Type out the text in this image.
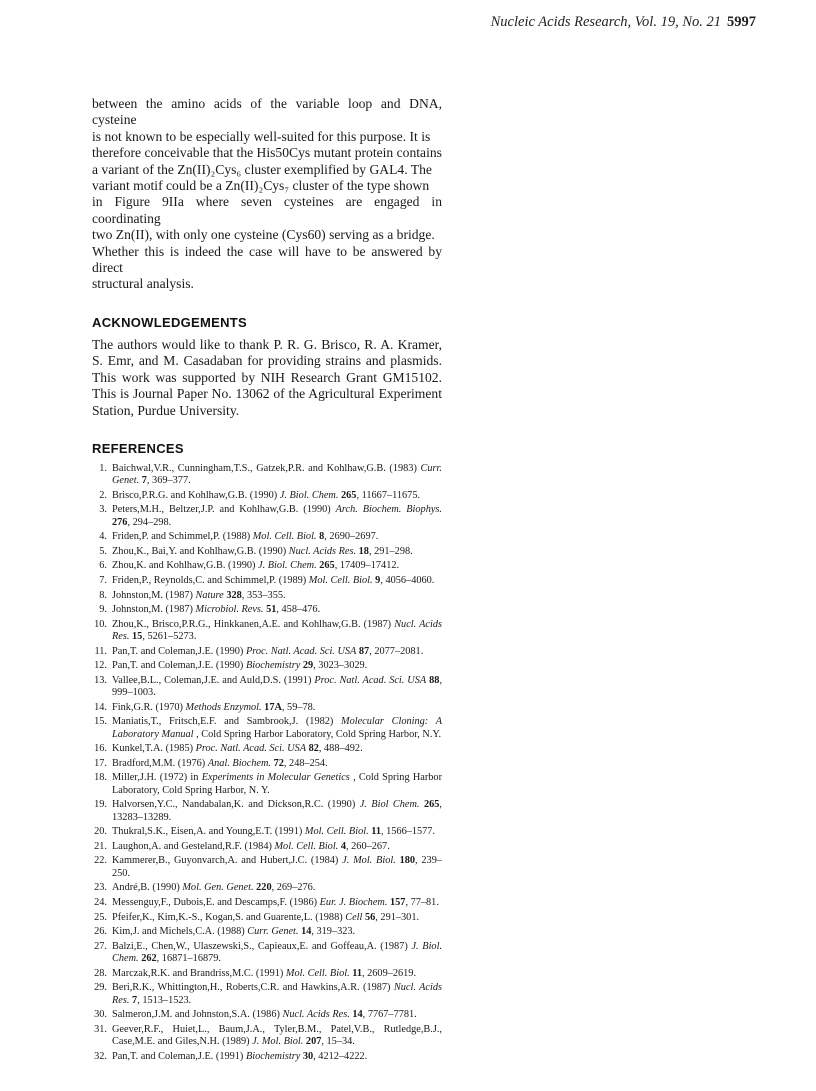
Nucleic Acids Research, Vol. 19, No. 21 5997
between the amino acids of the variable loop and DNA, cysteine
is not known to be especially well-suited for this purpose. It is
therefore conceivable that the His50Cys mutant protein contains
a variant of the Zn(II)₂Cys₆ cluster exemplified by GAL4. The
variant motif could be a Zn(II)₂Cys₇ cluster of the type shown
in Figure 9IIa where seven cysteines are engaged in coordinating
two Zn(II), with only one cysteine (Cys60) serving as a bridge.
Whether this is indeed the case will have to be answered by direct
structural analysis.
ACKNOWLEDGEMENTS

The authors would like to thank P. R. G. Brisco, R. A. Kramer, S. Emr, and M. Casadaban for providing strains and plasmids. This work was supported by NIH Research Grant GM15102. This is Journal Paper No. 13062 of the Agricultural Experiment Station, Purdue University.

REFERENCES
1. Baichwal,V.R., Cunningham,T.S., Gatzek,P.R. and Kohlhaw,G.B. (1983) Curr. Genet. 7, 369–377.
2. Brisco,P.R.G. and Kohlhaw,G.B. (1990) J. Biol. Chem. 265, 11667–11675.
3. Peters,M.H., Beltzer,J.P. and Kohlhaw,G.B. (1990) Arch. Biochem. Biophys. 276, 294–298.
4. Friden,P. and Schimmel,P. (1988) Mol. Cell. Biol. 8, 2690–2697.
5. Zhou,K., Bai,Y. and Kohlhaw,G.B. (1990) Nucl. Acids Res. 18, 291–298.
6. Zhou,K. and Kohlhaw,G.B. (1990) J. Biol. Chem. 265, 17409–17412.
7. Friden,P., Reynolds,C. and Schimmel,P. (1989) Mol. Cell. Biol. 9, 4056–4060.
8. Johnston,M. (1987) Nature 328, 353–355.
9. Johnston,M. (1987) Microbiol. Revs. 51, 458–476.
10. Zhou,K., Brisco,P.R.G., Hinkkanen,A.E. and Kohlhaw,G.B. (1987) Nucl. Acids Res. 15, 5261–5273.
11. Pan,T. and Coleman,J.E. (1990) Proc. Natl. Acad. Sci. USA 87, 2077–2081.
12. Pan,T. and Coleman,J.E. (1990) Biochemistry 29, 3023–3029.
13. Vallee,B.L., Coleman,J.E. and Auld,D.S. (1991) Proc. Natl. Acad. Sci. USA 88, 999–1003.
14. Fink,G.R. (1970) Methods Enzymol. 17A, 59–78.
15. Maniatis,T., Fritsch,E.F. and Sambrook,J. (1982) Molecular Cloning: A Laboratory Manual , Cold Spring Harbor Laboratory, Cold Spring Harbor, N.Y.
16. Kunkel,T.A. (1985) Proc. Natl. Acad. Sci. USA 82, 488–492.
17. Bradford,M.M. (1976) Anal. Biochem. 72, 248–254.
18. Miller,J.H. (1972) in Experiments in Molecular Genetics , Cold Spring Harbor Laboratory, Cold Spring Harbor, N. Y.
19. Halvorsen,Y.C., Nandabalan,K. and Dickson,R.C. (1990) J. Biol Chem. 265, 13283–13289.
20. Thukral,S.K., Eisen,A. and Young,E.T. (1991) Mol. Cell. Biol. 11, 1566–1577.
21. Laughon,A. and Gesteland,R.F. (1984) Mol. Cell. Biol. 4, 260–267.
22. Kammerer,B., Guyonvarch,A. and Hubert,J.C. (1984) J. Mol. Biol. 180, 239–250.
23. André,B. (1990) Mol. Gen. Genet. 220, 269–276.
24. Messenguy,F., Dubois,E. and Descamps,F. (1986) Eur. J. Biochem. 157, 77–81.
25. Pfeifer,K., Kim,K.-S., Kogan,S. and Guarente,L. (1988) Cell 56, 291–301.
26. Kim,J. and Michels,C.A. (1988) Curr. Genet. 14, 319–323.
27. Balzi,E., Chen,W., Ulaszewski,S., Capieaux,E. and Goffeau,A. (1987) J. Biol. Chem. 262, 16871–16879.
28. Marczak,R.K. and Brandriss,M.C. (1991) Mol. Cell. Biol. 11, 2609–2619.
29. Beri,R.K., Whittington,H., Roberts,C.R. and Hawkins,A.R. (1987) Nucl. Acids Res. 7, 1513–1523.
30. Salmeron,J.M. and Johnston,S.A. (1986) Nucl. Acids Res. 14, 7767–7781.
31. Geever,R.F., Huiet,L., Baum,J.A., Tyler,B.M., Patel,V.B., Rutledge,B.J., Case,M.E. and Giles,N.H. (1989) J. Mol. Biol. 207, 15–34.
32. Pan,T. and Coleman,J.E. (1991) Biochemistry 30, 4212–4222.
